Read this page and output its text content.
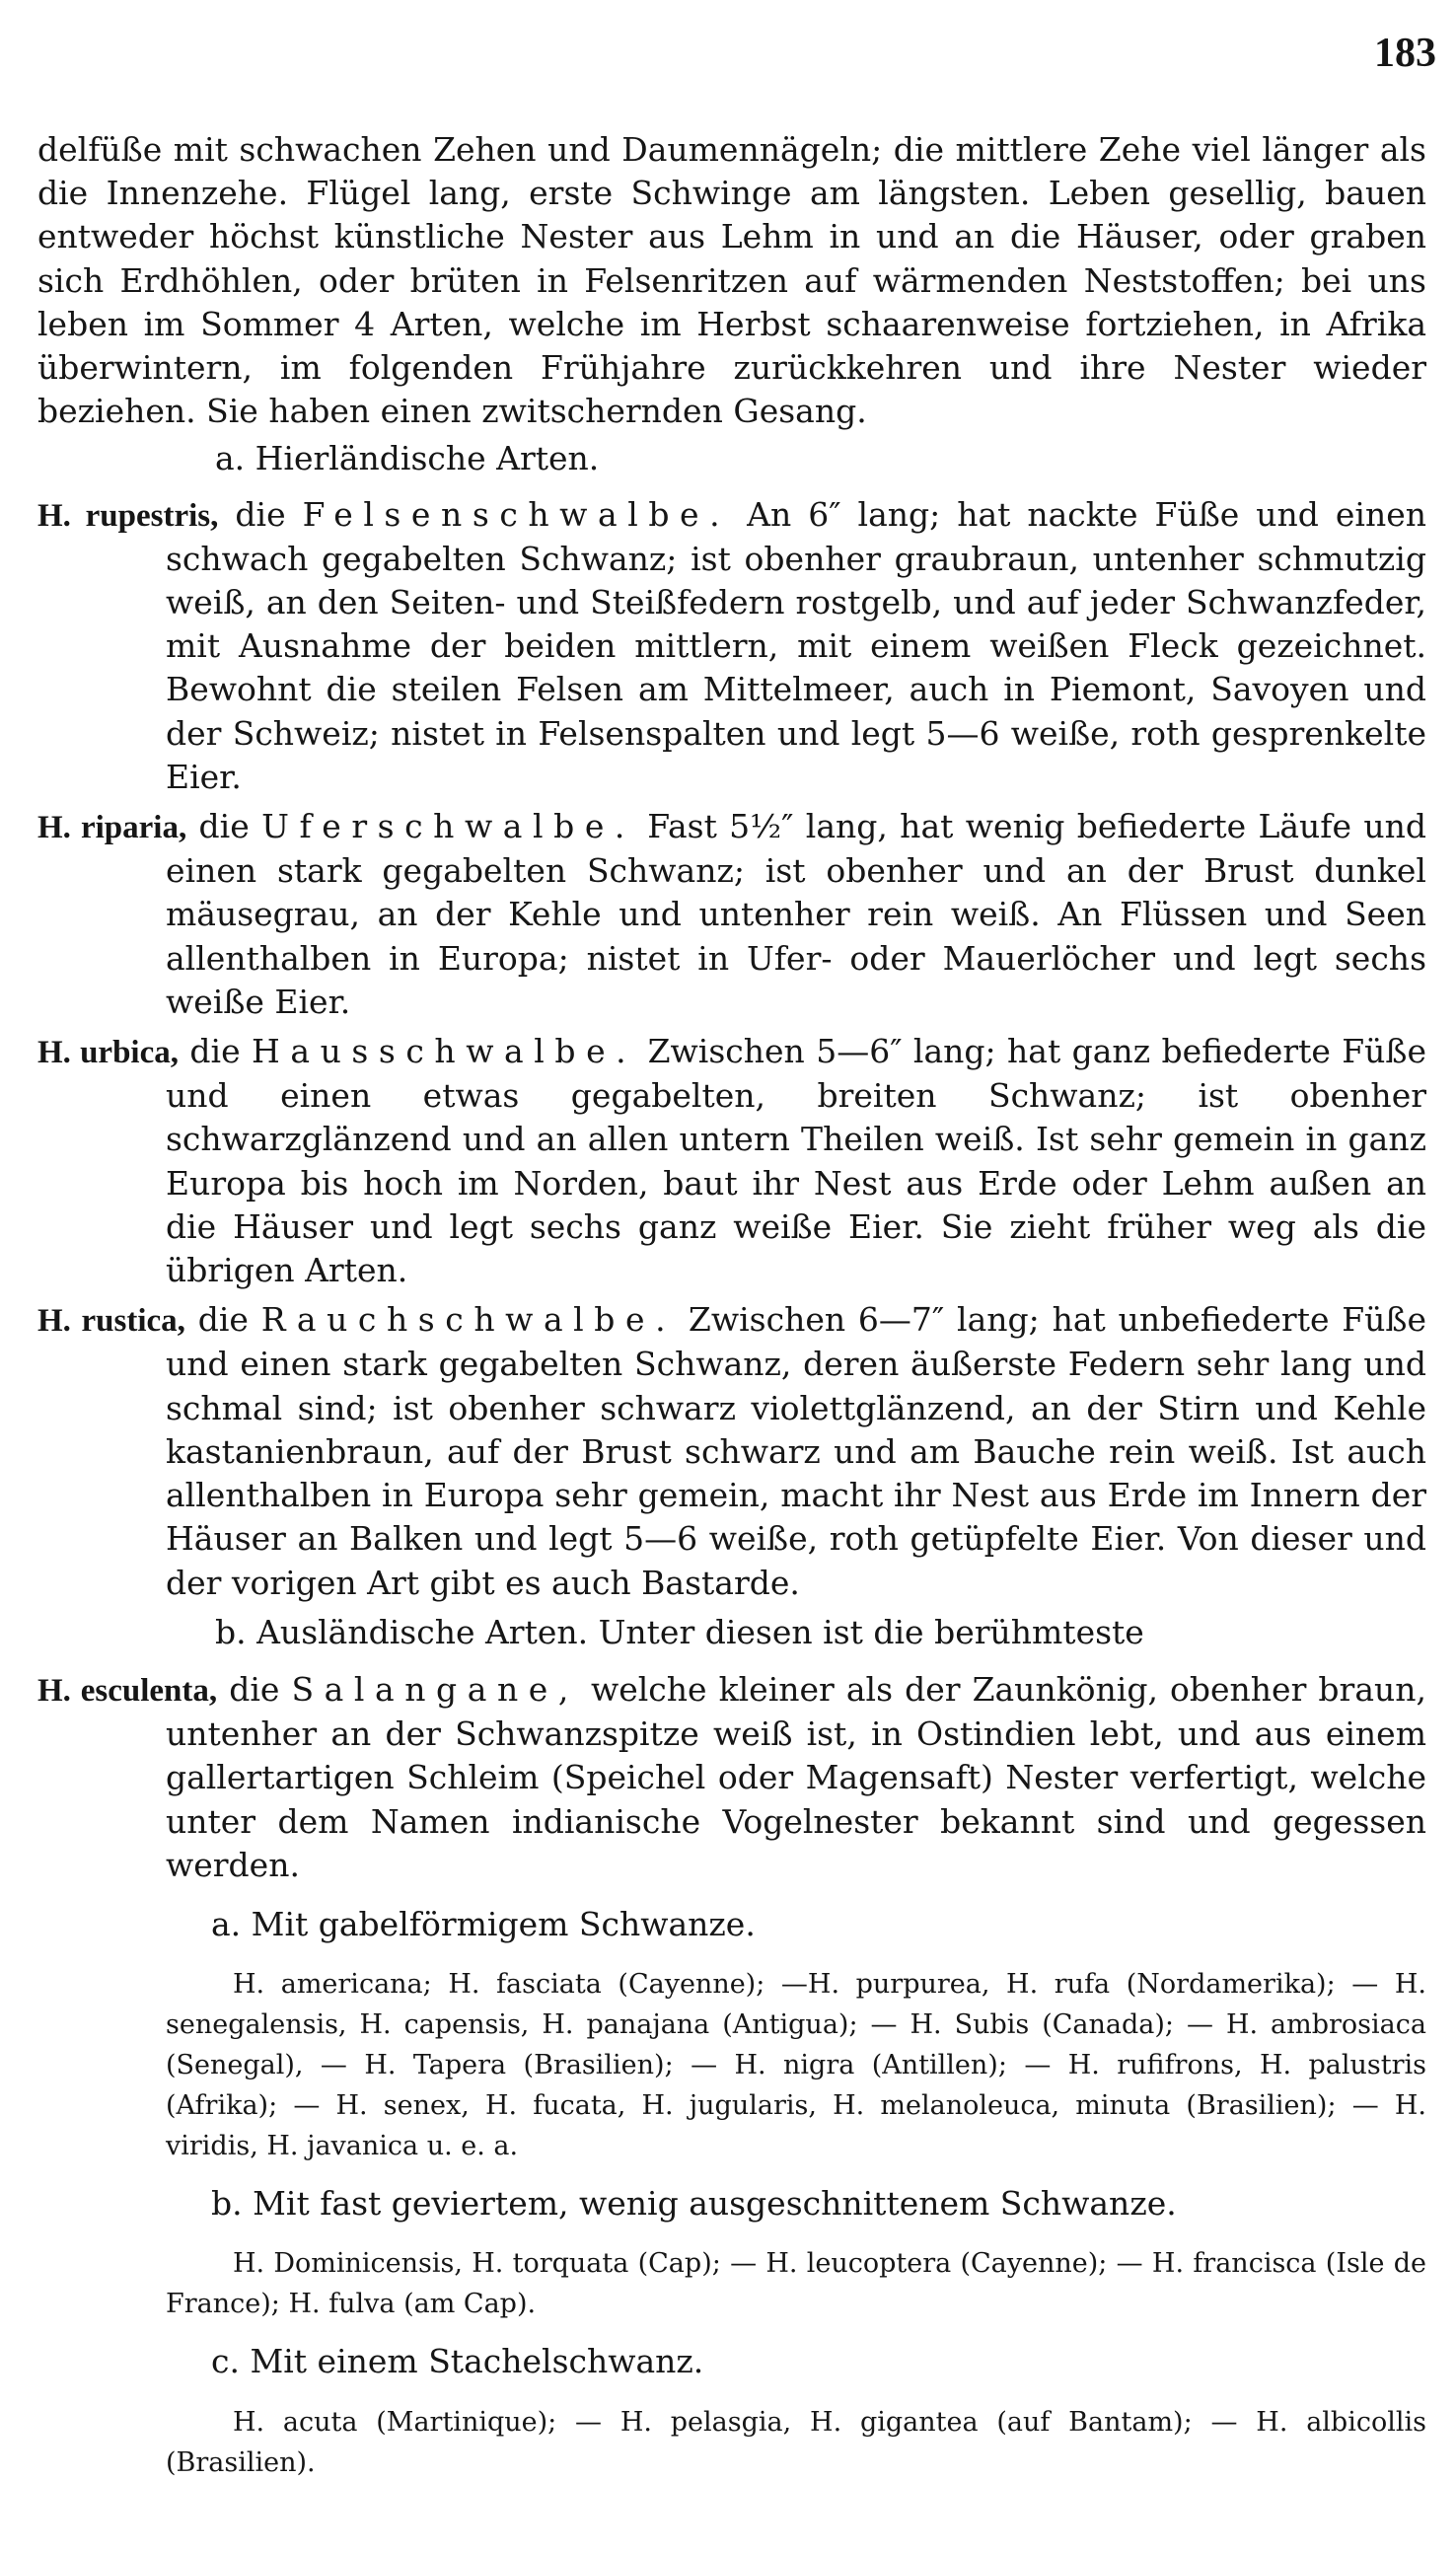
183

delfüße mit schwachen Zehen und Daumennägeln; die mittlere Zehe viel länger als die Innenzehe. Flügel lang, erste Schwinge am längsten. Leben gesellig, bauen entweder höchst künstliche Nester aus Lehm in und an die Häuser, oder graben sich Erdhöhlen, oder brüten in Felsenritzen auf wärmenden Neststoffen; bei uns leben im Sommer 4 Arten, welche im Herbst schaarenweise fortziehen, in Afrika überwintern, im folgenden Frühjahre zurückkehren und ihre Nester wieder beziehen. Sie haben einen zwitschernden Gesang.

a. Hierländische Arten.

H. rupestris, die Felsenschwalbe. An 6″ lang; hat nackte Füße und einen schwach gegabelten Schwanz; ist obenher graubraun, untenher schmutzig weiß, an den Seiten- und Steißfedern rostgelb, und auf jeder Schwanzfeder, mit Ausnahme der beiden mittlern, mit einem weißen Fleck gezeichnet. Bewohnt die steilen Felsen am Mittelmeer, auch in Piemont, Savoyen und der Schweiz; nistet in Felsenspalten und legt 5—6 weiße, roth gesprenkelte Eier.

H. riparia, die Uferschwalbe. Fast 5½″ lang, hat wenig befiederte Läufe und einen stark gegabelten Schwanz; ist obenher und an der Brust dunkel mäusegrau, an der Kehle und untenher rein weiß. An Flüssen und Seen allenthalben in Europa; nistet in Ufer- oder Mauerlöcher und legt sechs weiße Eier.

H. urbica, die Hausschwalbe. Zwischen 5—6″ lang; hat ganz befiederte Füße und einen etwas gegabelten, breiten Schwanz; ist obenher schwarzglänzend und an allen untern Theilen weiß. Ist sehr gemein in ganz Europa bis hoch im Norden, baut ihr Nest aus Erde oder Lehm außen an die Häuser und legt sechs ganz weiße Eier. Sie zieht früher weg als die übrigen Arten.

H. rustica, die Rauchschwalbe. Zwischen 6—7″ lang; hat unbefiederte Füße und einen stark gegabelten Schwanz, deren äußerste Federn sehr lang und schmal sind; ist obenher schwarz violettglänzend, an der Stirn und Kehle kastanienbraun, auf der Brust schwarz und am Bauche rein weiß. Ist auch allenthalben in Europa sehr gemein, macht ihr Nest aus Erde im Innern der Häuser an Balken und legt 5—6 weiße, roth getüpfelte Eier. Von dieser und der vorigen Art gibt es auch Bastarde.

b. Ausländische Arten. Unter diesen ist die berühmteste

H. esculenta, die Salangane, welche kleiner als der Zaunkönig, obenher braun, untenher an der Schwanzspitze weiß ist, in Ostindien lebt, und aus einem gallertartigen Schleim (Speichel oder Magensaft) Nester verfertigt, welche unter dem Namen indianische Vogelnester bekannt sind und gegessen werden.

a. Mit gabelförmigem Schwanze.

H. americana; H. fasciata (Cayenne); —H. purpurea, H. rufa (Nordamerika); — H. senegalensis, H. capensis, H. panajana (Antigua); — H. Subis (Canada); — H. ambrosiaca (Senegal), — H. Tapera (Brasilien); — H. nigra (Antillen); — H. rufifrons, H. palustris (Afrika); — H. senex, H. fucata, H. jugularis, H. melanoleuca, minuta (Brasilien); — H. viridis, H. javanica u. e. a.

b. Mit fast geviertem, wenig ausgeschnittenem Schwanze.

H. Dominicensis, H. torquata (Cap); — H. leucoptera (Cayenne); — H. francisca (Isle de France); H. fulva (am Cap).

c. Mit einem Stachelschwanz.

H. acuta (Martinique); — H. pelasgia, H. gigantea (auf Bantam); — H. albicollis (Brasilien).
